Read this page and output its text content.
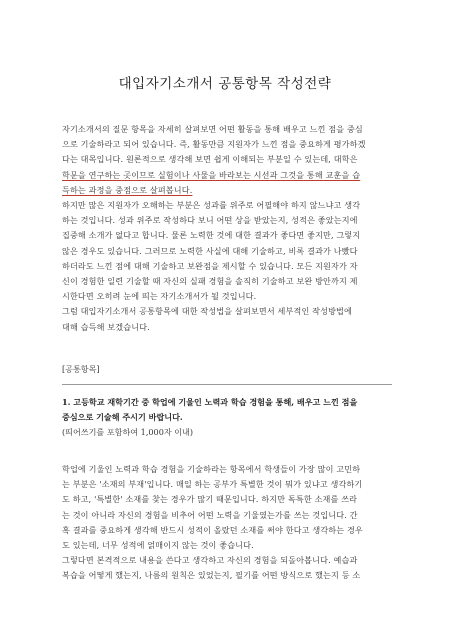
대입자기소개서 공통항목 작성전략
자기소개서의 질문 항목을 자세히 살펴보면 어떤 활동을 통해 배우고 느낀 점을 중심
으로 기술하라고 되어 있습니다. 즉, 활동만큼 지원자가 느낀 점을 중요하게 평가하겠
다는 대목입니다. 원론적으로 생각해 보면 쉽게 이해되는 부분일 수 있는데, 대학은
학문을 연구하는 곳이므로 실험이나 사물을 바라보는 시선과 그것을 통해 교훈을 습
득하는 과정을 중점으로 살펴봅니다.
하지만 많은 지원자가 오해하는 부분은 성과를 위주로 어필해야 하지 않느냐고 생각
하는 것입니다. 성과 위주로 작성하다 보니 어떤 상을 받았는지, 성적은 좋았는지에
집중해 소개가 없다고 합니다. 물론 노력한 것에 대한 결과가 좋다면 좋지만, 그렇지
않은 경우도 있습니다. 그러므로 노력한 사실에 대해 기술하고, 비록 결과가 나빴다
하더라도 느낀 점에 대해 기술하고 보완점을 제시할 수 있습니다. 모든 지원자가 자
신이 경험한 일련 기술할 때 자신의 실패 경험을 솔직히 기술하고 보완 방안까지 제
시한다면 오히려 눈에 띄는 자기소개서가 될 것입니다.
그럼 대입자기소개서 공통항목에 대한 작성법을 살펴보면서 세부적인 작성방법에
대해 습득해 보겠습니다.
[공통항목]
1. 고등학교 재학기간 중 학업에 기울인 노력과 학습 경험을 통해, 배우고 느낀 점을
중심으로 기술해 주시기 바랍니다.
(띄어쓰기를 포함하여 1,000자 이내)
학업에 기울인 노력과 학습 경험을 기술하라는 항목에서 학생들이 가장 많이 고민하
는 부분은 '소재의 부재'입니다. 매일 하는 공부가 특별한 것이 뭐가 있냐고 생각하기
도 하고, '특별한' 소재를 찾는 경우가 많기 때문입니다. 하지만 독특한 소재를 쓰라
는 것이 아니라 자신의 경험을 비추어 어떤 노력을 기울였는가를 쓰는 것입니다. 간
혹 결과를 중요하게 생각해 반드시 성적이 올랐던 소재를 써야 한다고 생각하는 경우
도 있는데, 너무 성적에 얽매이지 않는 것이 좋습니다.
그렇다면 본격적으로 내용을 쓴다고 생각하고 자신의 경험을 되돌아봅니다. 예습과
복습을 어떻게 했는지, 나름의 원칙은 있었는지, 필기를 어떤 방식으로 했는지 등 소
